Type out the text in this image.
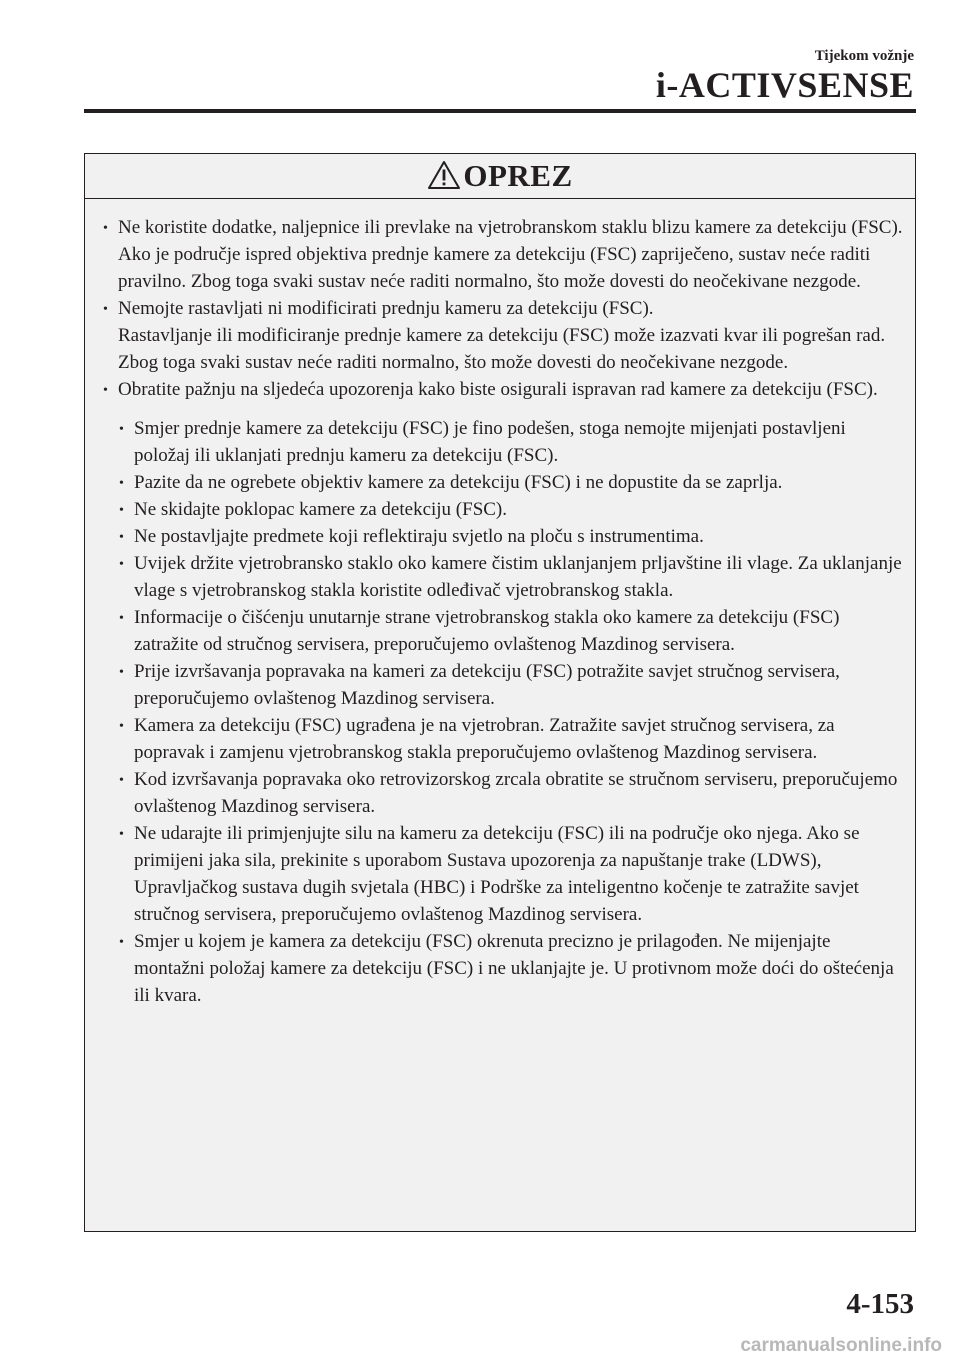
Tijekom vožnje
i-ACTIVSENSE
OPREZ
• Ne koristite dodatke, naljepnice ili prevlake na vjetrobranskom staklu blizu kamere za detekciju (FSC).
Ako je područje ispred objektiva prednje kamere za detekciju (FSC) zapriječeno, sustav neće raditi pravilno. Zbog toga svaki sustav neće raditi normalno, što može dovesti do neočekivane nezgode.
• Nemojte rastavljati ni modificirati prednju kameru za detekciju (FSC).
Rastavljanje ili modificiranje prednje kamere za detekciju (FSC) može izazvati kvar ili pogrešan rad. Zbog toga svaki sustav neće raditi normalno, što može dovesti do neočekivane nezgode.
• Obratite pažnju na sljedeća upozorenja kako biste osigurali ispravan rad kamere za detekciju (FSC).
• Smjer prednje kamere za detekciju (FSC) je fino podešen, stoga nemojte mijenjati postavljeni položaj ili uklanjati prednju kameru za detekciju (FSC).
• Pazite da ne ogrebete objektiv kamere za detekciju (FSC) i ne dopustite da se zaprlja.
• Ne skidajte poklopac kamere za detekciju (FSC).
• Ne postavljajte predmete koji reflektiraju svjetlo na ploču s instrumentima.
• Uvijek držite vjetrobransko staklo oko kamere čistim uklanjanjem prljavštine ili vlage. Za uklanjanje vlage s vjetrobranskog stakla koristite odleđivač vjetrobranskog stakla.
• Informacije o čišćenju unutarnje strane vjetrobranskog stakla oko kamere za detekciju (FSC) zatražite od stručnog servisera, preporučujemo ovlaštenog Mazdinog servisera.
• Prije izvršavanja popravaka na kameri za detekciju (FSC) potražite savjet stručnog servisera, preporučujemo ovlaštenog Mazdinog servisera.
• Kamera za detekciju (FSC) ugrađena je na vjetrobran. Zatražite savjet stručnog servisera, za popravak i zamjenu vjetrobranskog stakla preporučujemo ovlaštenog Mazdinog servisera.
• Kod izvršavanja popravaka oko retrovizorskog zrcala obratite se stručnom serviseru, preporučujemo ovlaštenog Mazdinog servisera.
• Ne udarajte ili primjenjujte silu na kameru za detekciju (FSC) ili na područje oko njega. Ako se primijeni jaka sila, prekinite s uporabom Sustava upozorenja za napuštanje trake (LDWS), Upravljačkog sustava dugih svjetala (HBC) i Podrške za inteligentno kočenje te zatražite savjet stručnog servisera, preporučujemo ovlaštenog Mazdinog servisera.
• Smjer u kojem je kamera za detekciju (FSC) okrenuta precizno je prilagođen. Ne mijenjajte montažni položaj kamere za detekciju (FSC) i ne uklanjajte je. U protivnom može doći do oštećenja ili kvara.
4-153
carmanualsonline.info
